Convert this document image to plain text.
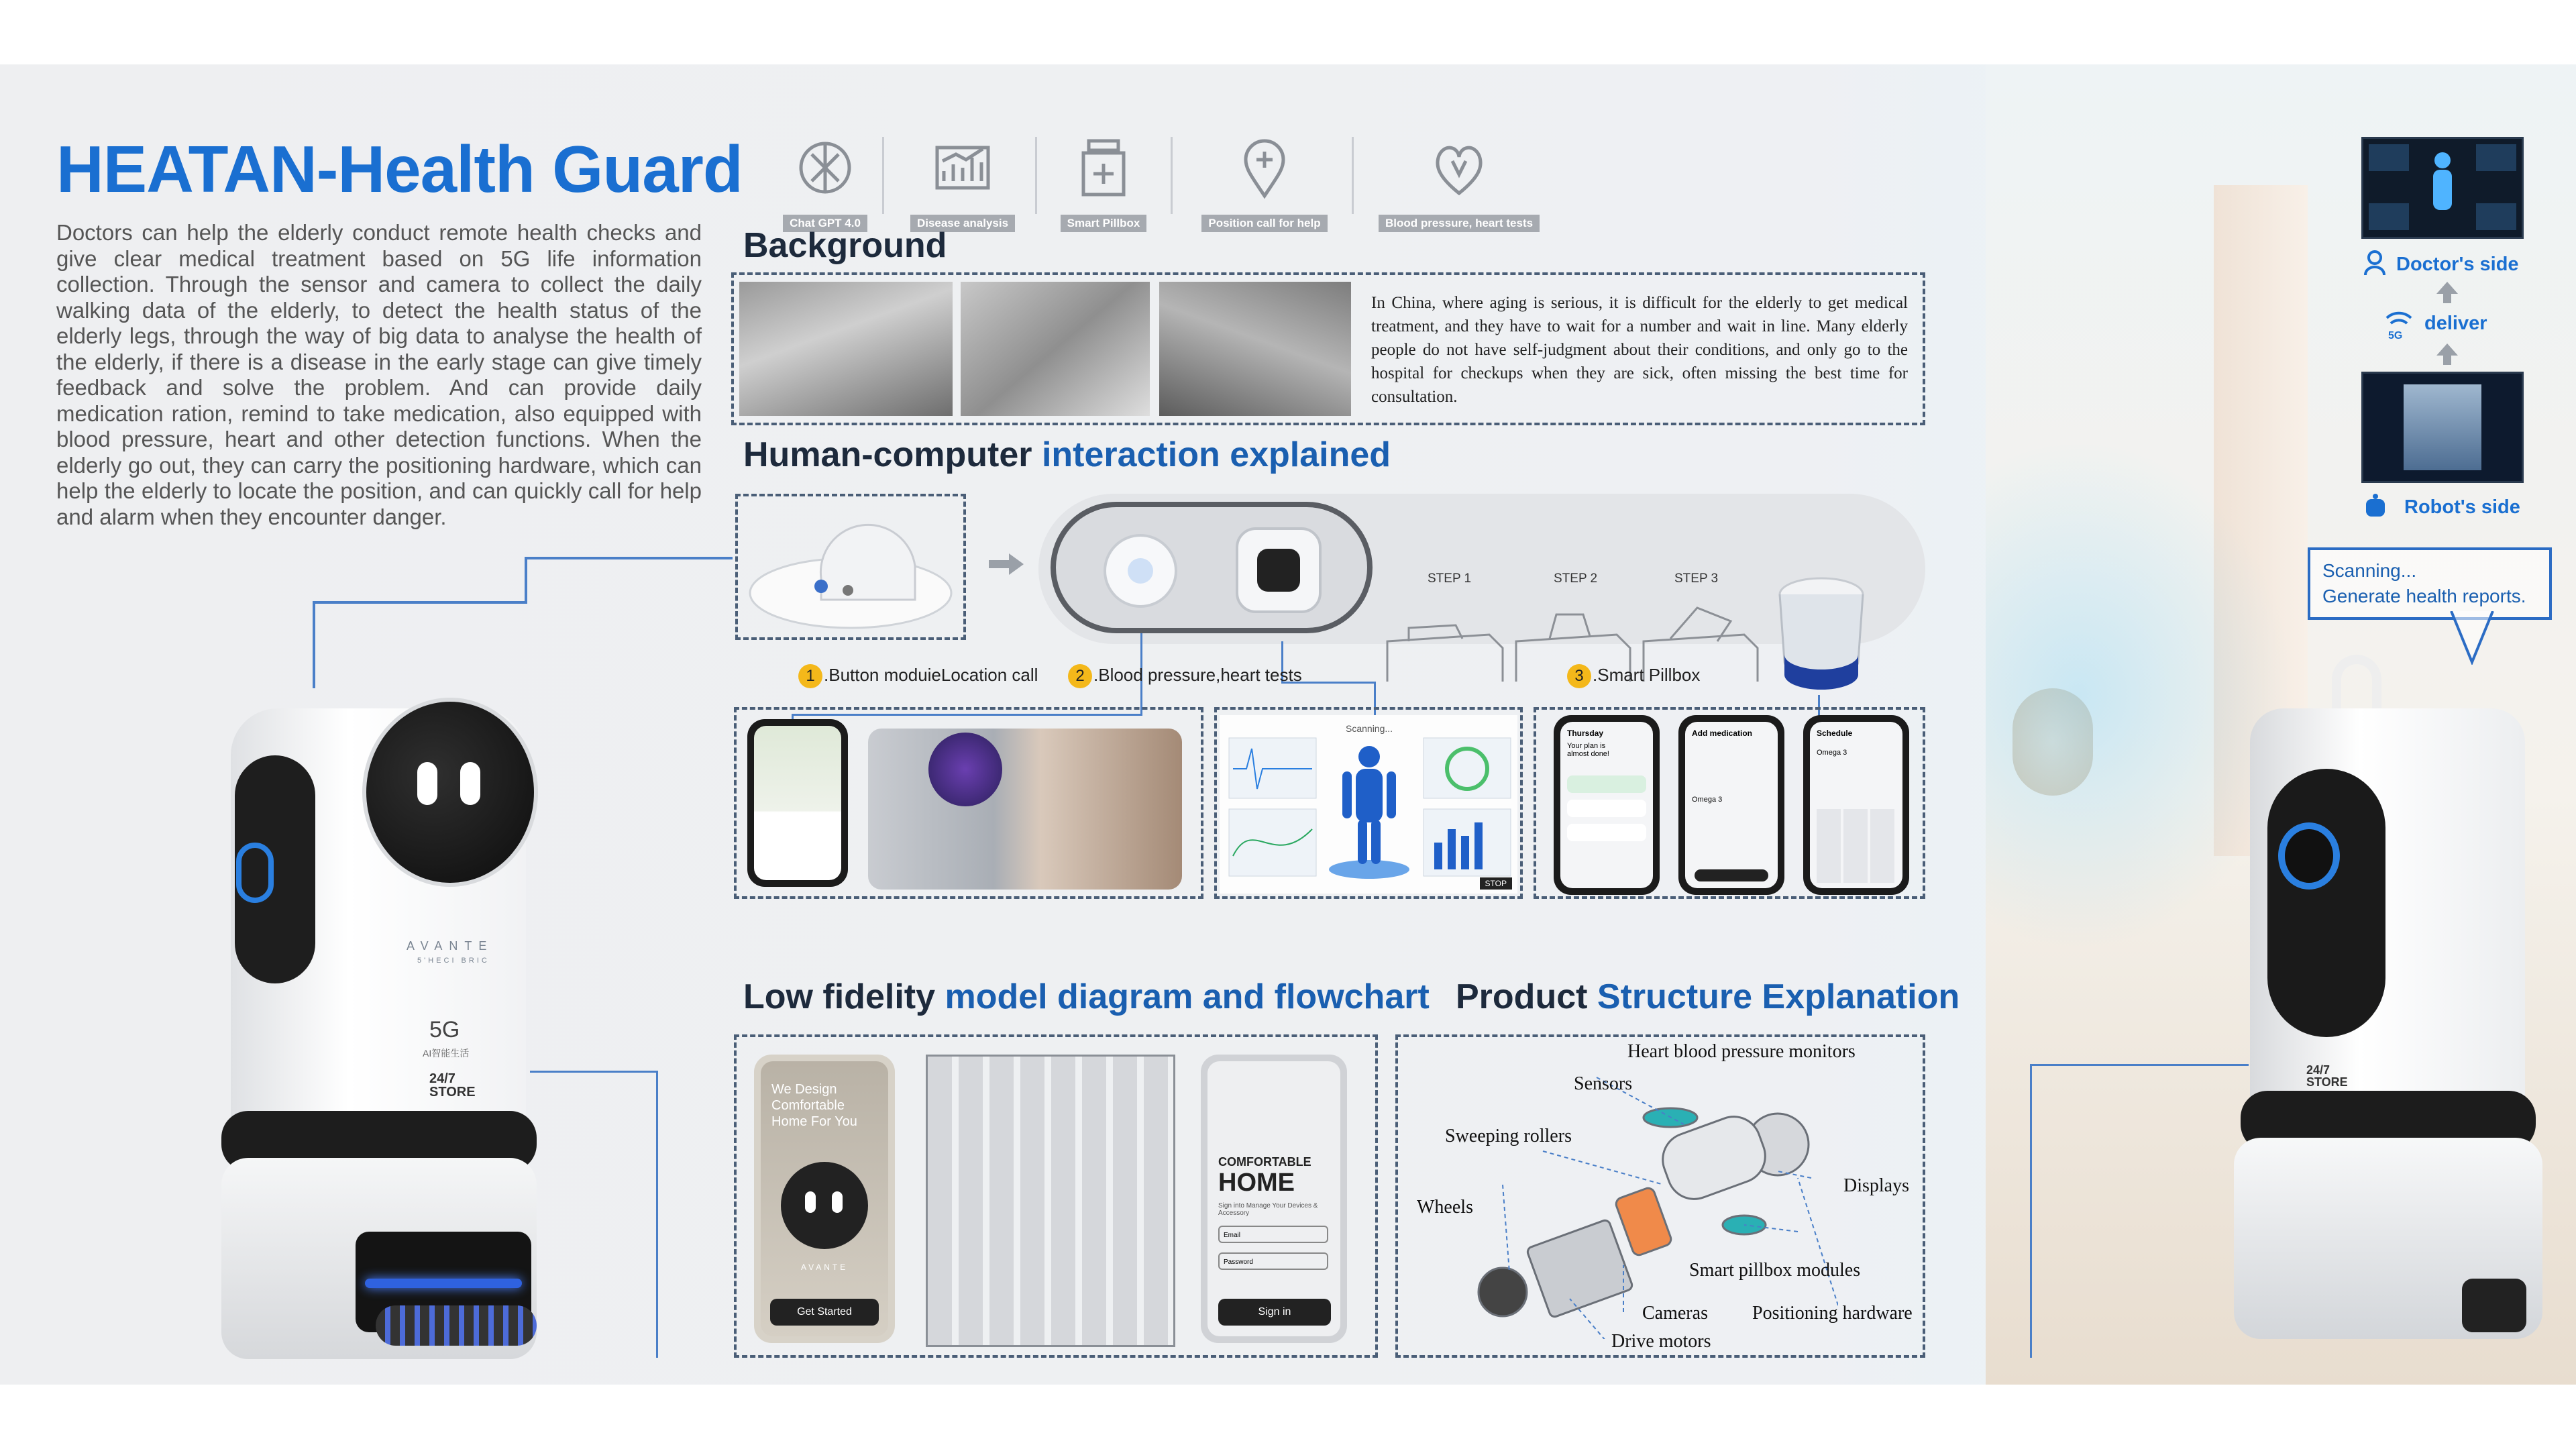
HEATAN-Health Guard
Doctors can help the elderly conduct remote health checks and give clear medical treatment based on 5G life information collection. Through the sensor and camera to collect the daily walking data of the elderly, to detect the health status of the elderly legs, through the way of big data to analyse the health of the elderly, if there is a disease in the early stage can give timely feedback and solve the problem. And can provide daily medication ration, remind to take medication, also equipped with blood pressure, heart and other detection functions. When the elderly go out, they can carry the positioning hardware, which can help the elderly to locate the position, and can quickly call for help and alarm when they encounter danger.
Chat GPT 4.0	Disease analysis	Smart Pillbox	Position call for help	Blood pressure, heart tests
Background
In China, where aging is serious, it is difficult for the elderly to get medical treatment, and they have to wait for a number and wait in line. Many elderly people do not have self-judgment about their conditions, and only go to the hospital for checkups when they are sick, often missing the best time for consultation.
Human-computer interaction explained
STEP 1	STEP 2	STEP 3
1 .Button moduieLocation call	2 .Blood pressure,heart tests	3 .Smart Pillbox
Scanning...
STOP
Thursday
Your plan is almost done!
Add medication
Omega 3
Schedule
Omega 3
Low fidelity model diagram and flowchart
We Design Comfortable Home For You
AVANTE
Get Started
COMFORTABLE
HOME
Sign into Manage Your Devices & Accessory
Email
Password
Sign in
Product Structure Explanation
Heart blood pressure monitors
Sensors
Sweeping rollers
Displays
Wheels
Smart pillbox modules
Cameras Positioning hardware
Drive motors
AVANTE
5'HECI BRIC
5G
AI智能生活
24/7
STORE
Doctor's side
5G
deliver
Robot's side
Scanning...
Generate health reports.
24/7
STORE
